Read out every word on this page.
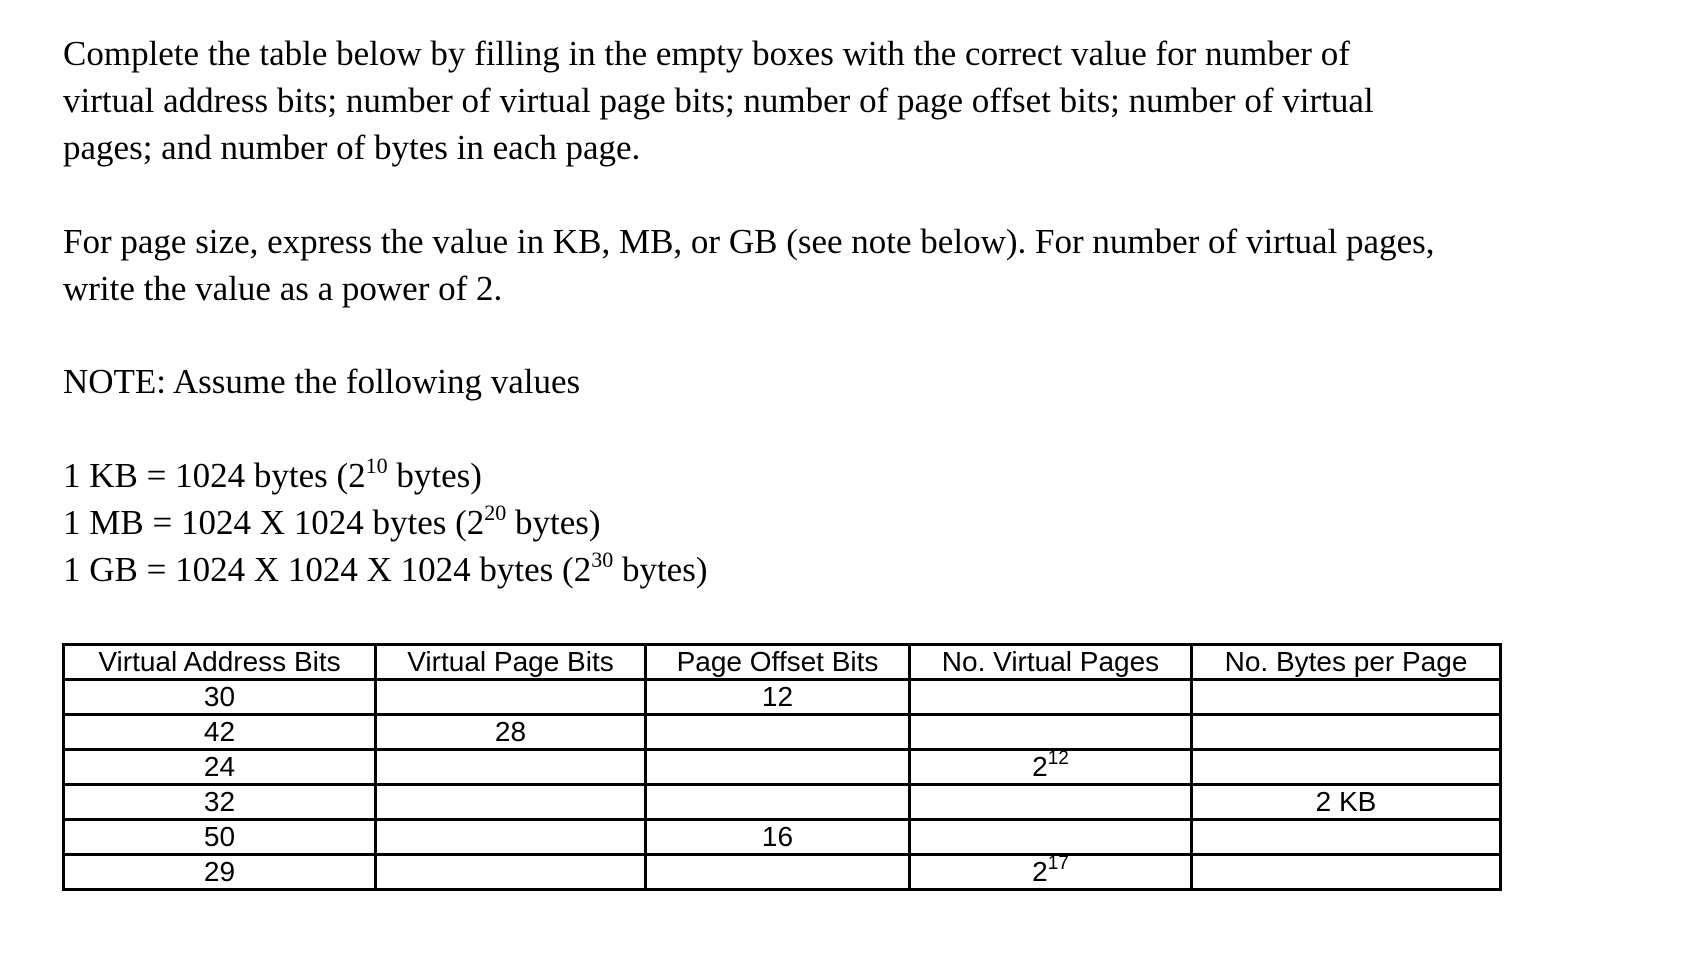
Complete the table below by filling in the empty boxes with the correct value for number of
virtual address bits; number of virtual page bits; number of page offset bits; number of virtual
pages; and number of bytes in each page.

For page size, express the value in KB, MB, or GB (see note below). For number of virtual pages,
write the value as a power of 2.

NOTE: Assume the following values

1 KB = 1024 bytes ($2^{10}$ bytes)
1 MB = 1024 X 1024 bytes ($2^{20}$ bytes)
1 GB = 1024 X 1024 X 1024 bytes ($2^{30}$ bytes)

Virtual Address Bits	Virtual Page Bits	Page Offset Bits	No. Virtual Pages	No. Bytes per Page
30		12		
42	28			
24			$2^{12}$	
32				2 KB
50		16		
29			$2^{17}$	
